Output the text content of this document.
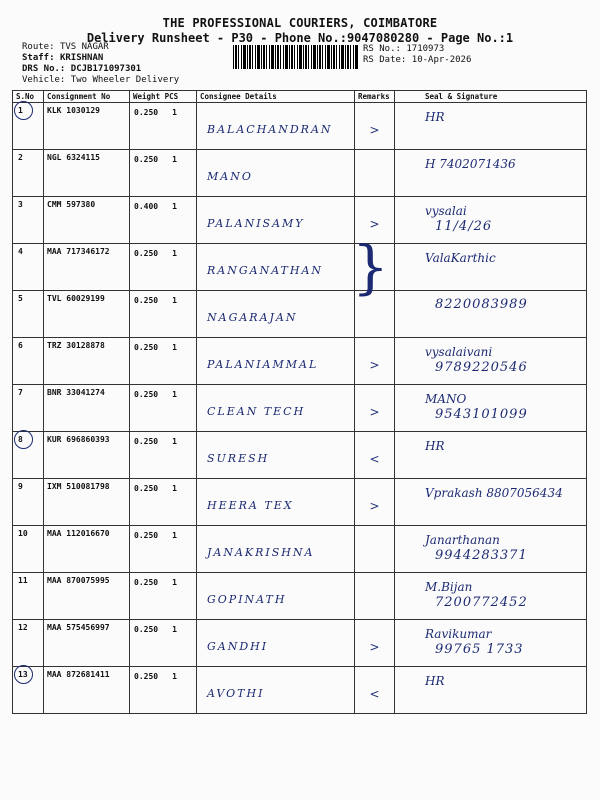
THE PROFESSIONAL COURIERS, COIMBATORE
Delivery Runsheet - P30 - Phone No.:9047080280 - Page No.:1
Route: TVS NAGAR
Staff: KRISHNAN
DRS No.: DCJB171097301
Vehicle: Two Wheeler Delivery
RS No.: 1710973
RS Date: 10-Apr-2026
S.No	Consignment No	Weight PCS	Consignee Details	Remarks	Seal & Signature

1	KLK 1030129	0.250 1	BALACHANDRAN	>	HR

2	NGL 6324115	0.250 1	MANO		H 7402071436

3	CMM 597380	0.400 1	PALANISAMY	>	vysalai
11/4/26

4	MAA 717346172	0.250 1	RANGANATHAN		ValaKarthic

5	TVL 60029199	0.250 1	NAGARAJAN		8220083989

6	TRZ 30128878	0.250 1	PALANIAMMAL	>	vysalaivani
9789220546

7	BNR 33041274	0.250 1	CLEAN TECH	>	MANO
9543101099

8	KUR 696860393	0.250 1	SURESH	<	HR

9	IXM 510081798	0.250 1	HEERA TEX	>	Vprakash 8807056434

10	MAA 112016670	0.250 1	JANAKRISHNA		Janarthanan
9944283371

11	MAA 870075995	0.250 1	GOPINATH		M.Bijan
7200772452

12	MAA 575456997	0.250 1	GANDHI	>	Ravikumar
99765 1733

13	MAA 872681411	0.250 1	AVOTHI	<	HR
}
